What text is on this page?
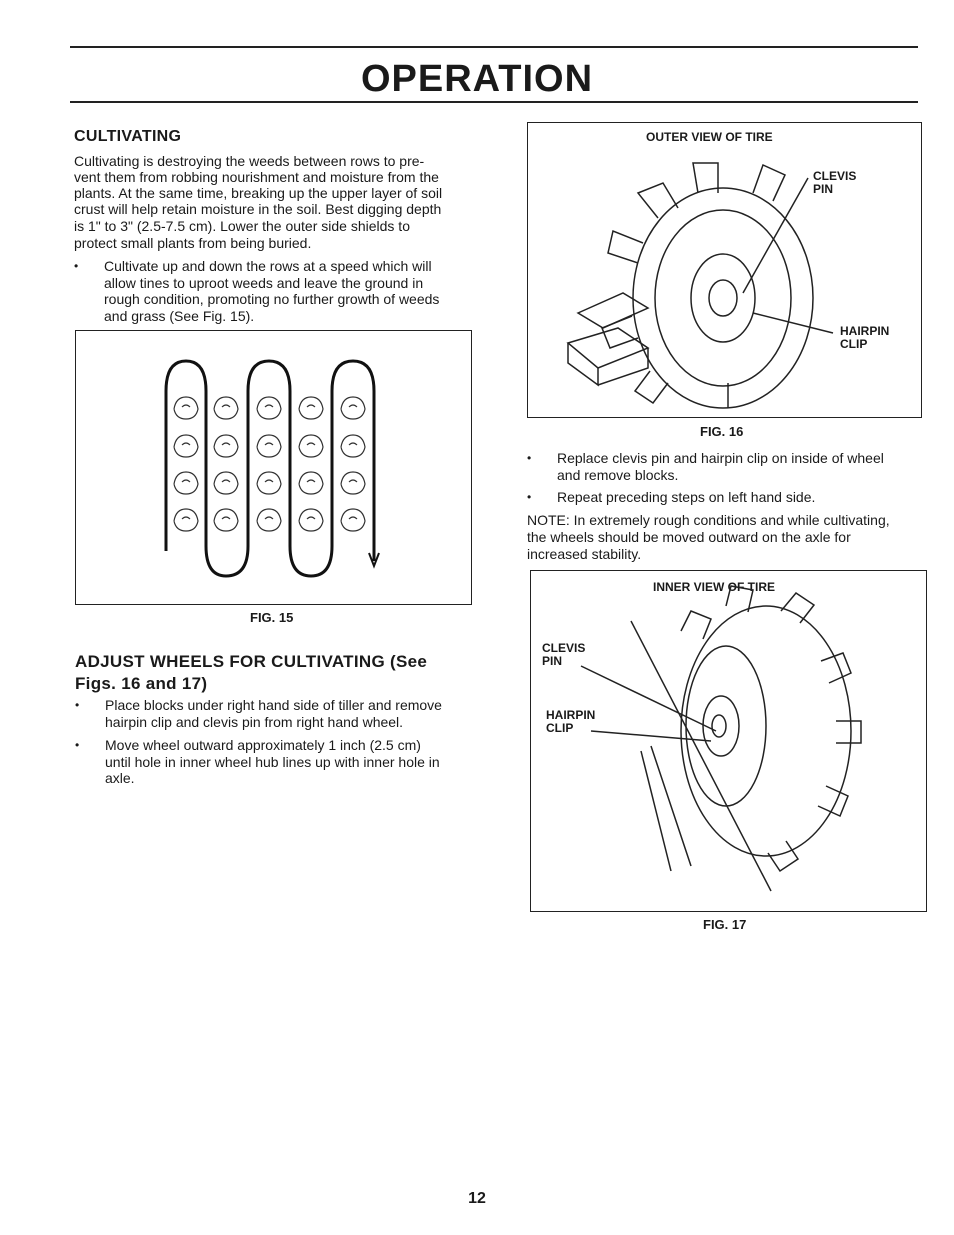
OPERATION
CULTIVATING
Cultivating is destroying the weeds between rows to pre-
vent them from robbing nourishment and moisture from the
plants. At the same time, breaking up the upper layer of soil
crust will help retain moisture in the soil. Best digging depth
is 1" to 3" (2.5-7.5 cm). Lower the outer side shields to
protect small plants from being buried.
• Cultivate up and down the rows at a speed which will
allow tines to uproot weeds and leave the ground in
rough condition, promoting no further growth of weeds
and grass (See Fig. 15).
FIG. 15
ADJUST WHEELS FOR CULTIVATING (See
Figs. 16 and 17)
• Place blocks under right hand side of tiller and remove
hairpin clip and clevis pin from right hand wheel.
• Move wheel outward approximately 1 inch (2.5 cm)
until hole in inner wheel hub lines up with inner hole in
axle.
OUTER VIEW OF TIRE
CLEVIS
PIN
HAIRPIN
CLIP
FIG. 16
• Replace clevis pin and hairpin clip on inside of wheel
and remove blocks.
• Repeat preceding steps on left hand side.
NOTE: In extremely rough conditions and while cultivating,
the wheels should be moved outward on the axle for
increased stability.
INNER VIEW OF TIRE
CLEVIS
PIN
HAIRPIN
CLIP
FIG. 17
12
